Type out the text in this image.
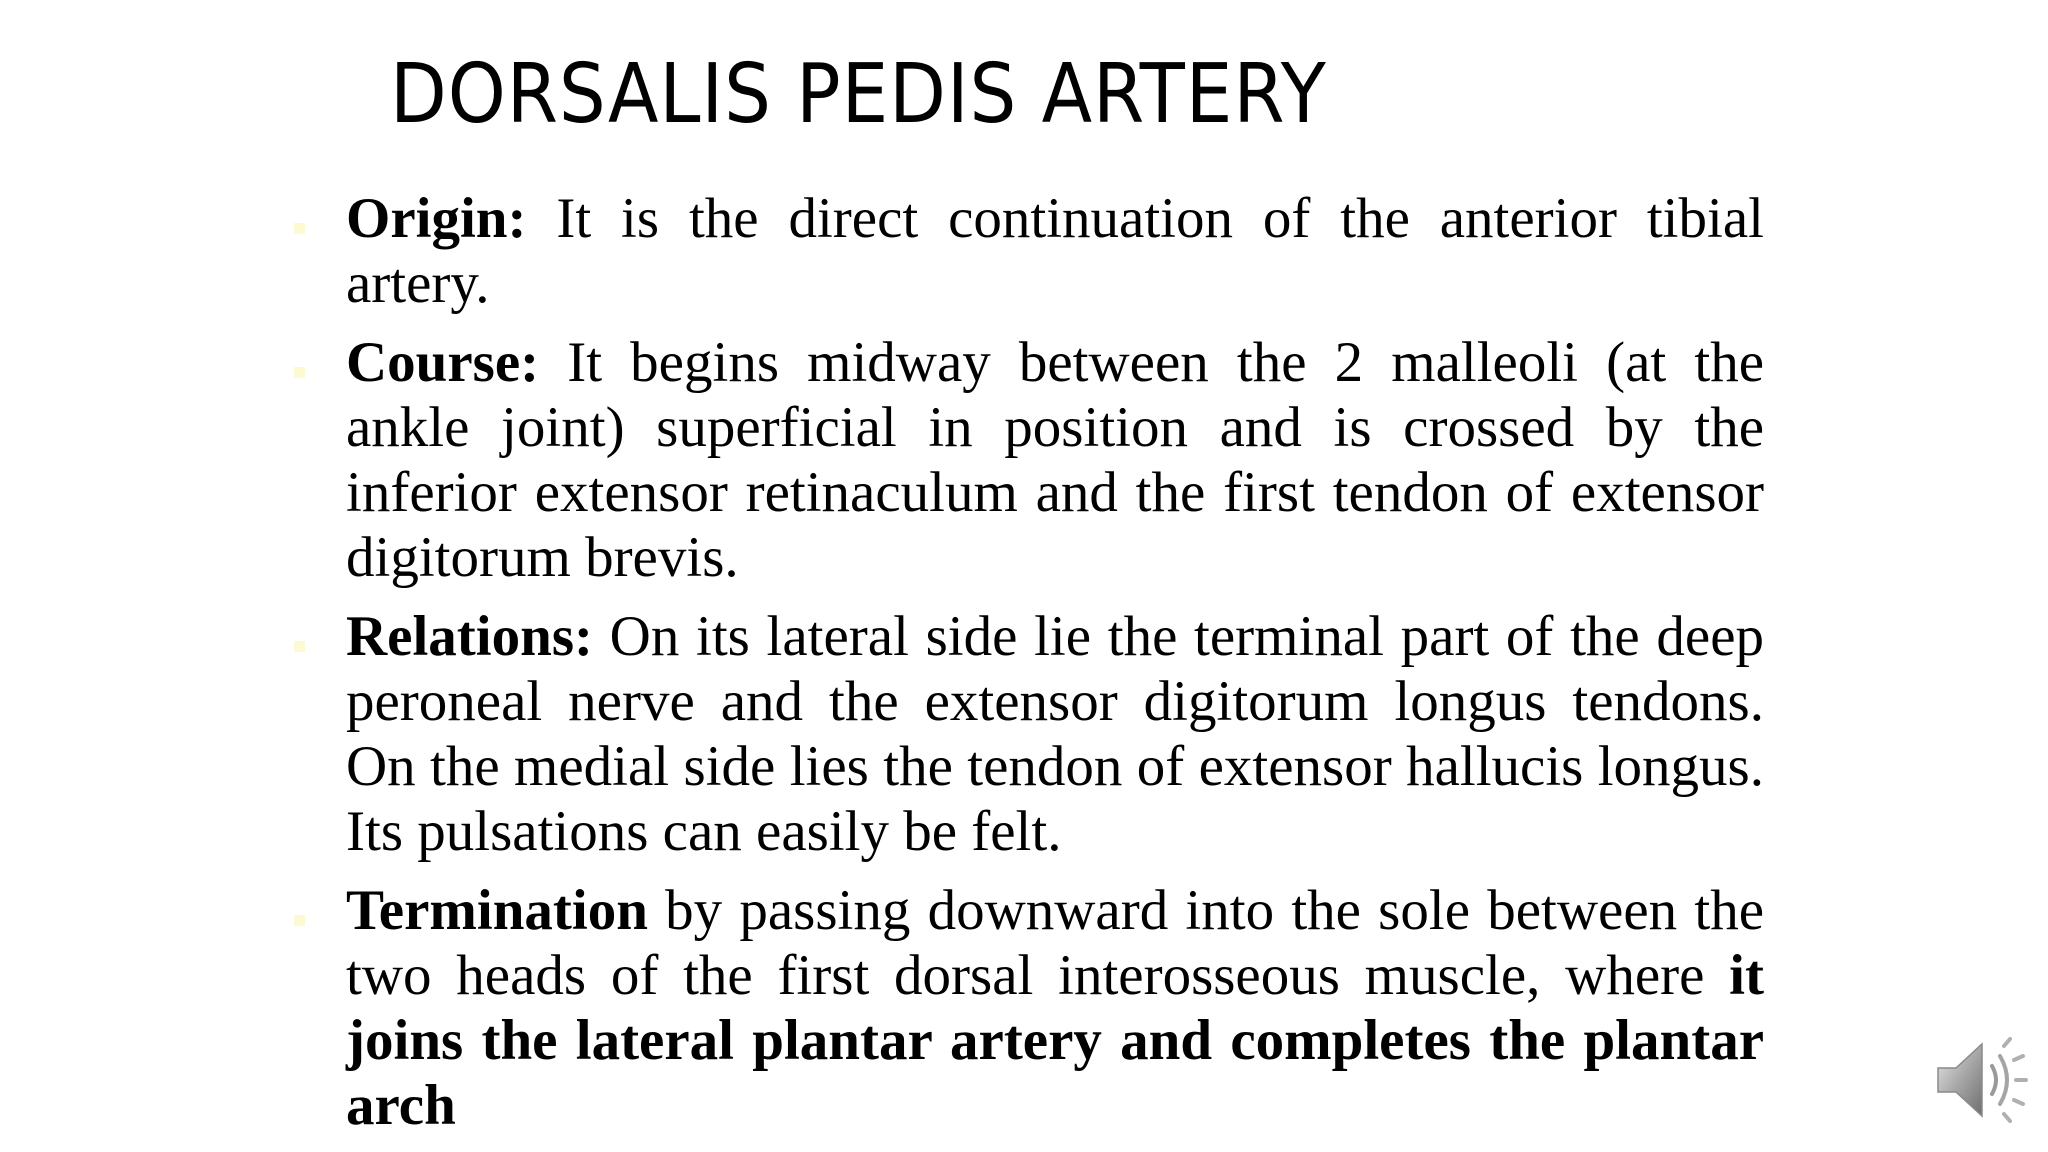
DORSALIS PEDIS ARTERY

Origin: It is the direct continuation of the anterior tibial artery.

Course: It begins midway between the 2 malleoli (at the ankle joint) superficial in position and is crossed by the inferior extensor retinaculum and the first tendon of extensor digitorum brevis.

Relations: On its lateral side lie the terminal part of the deep peroneal nerve and the extensor digitorum longus tendons. On the medial side lies the tendon of extensor hallucis longus. Its pulsations can easily be felt.

Termination by passing downward into the sole between the two heads of the first dorsal interosseous muscle, where it joins the lateral plantar artery and completes the plantar arch
